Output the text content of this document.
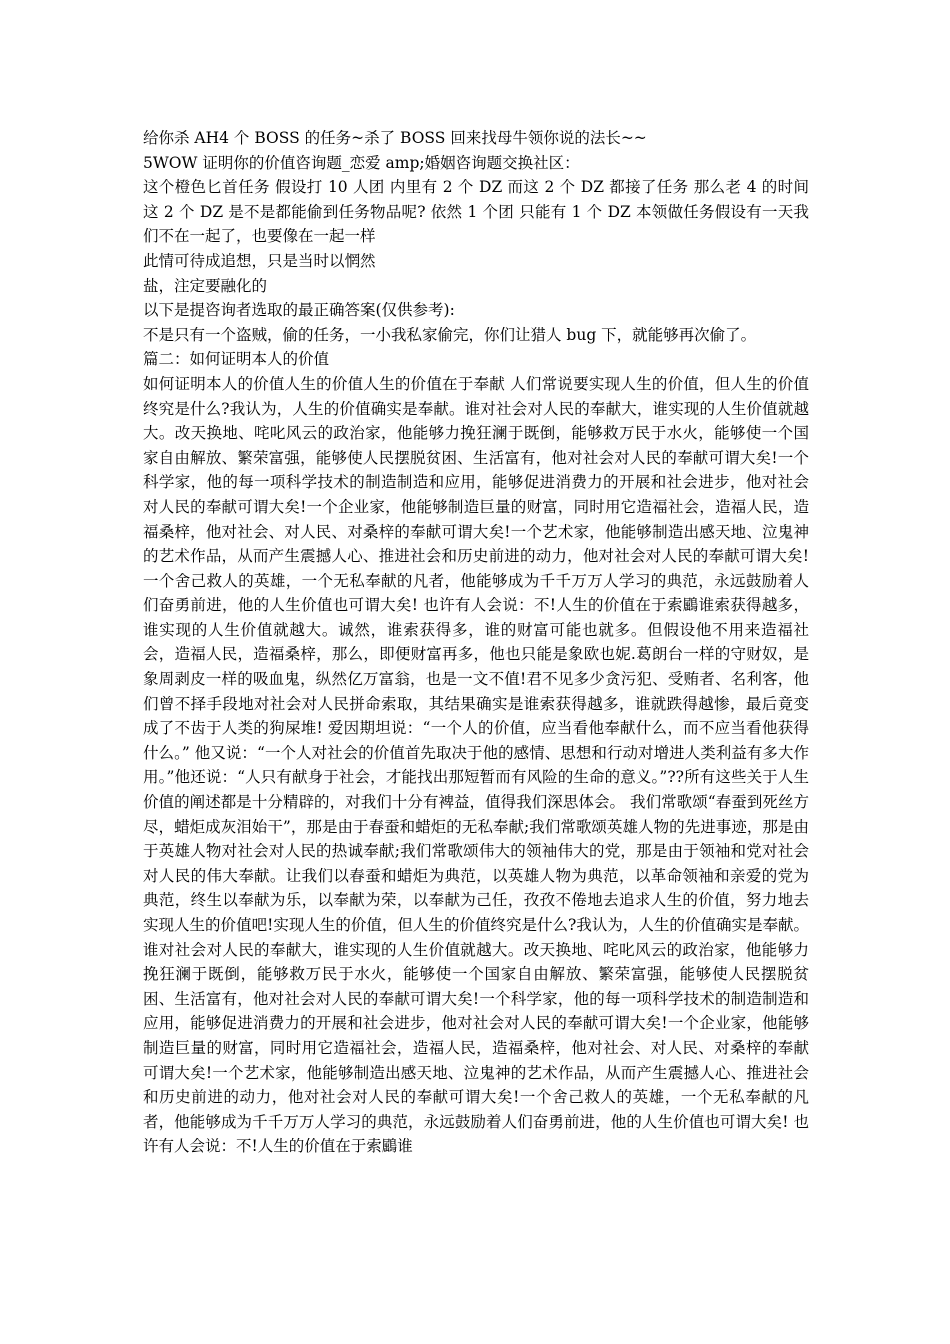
给你杀 AH4 个 BOSS 的任务~杀了 BOSS 回来找母牛领你说的法长~~

5WOW 证明你的价值咨询题_恋爱 amp;婚姻咨询题交换社区：

这个橙色匕首任务 假设打 10 人团 内里有 2 个 DZ 而这 2 个 DZ 都接了任务 那么老 4 的时间 这 2 个 DZ 是不是都能偷到任务物品呢? 依然 1 个团 只能有 1 个 DZ 本领做任务假设有一天我们不在一起了，也要像在一起一样

此情可待成追想，只是当时以惘然

盐，注定要融化的

以下是提咨询者选取的最正确答案(仅供参考):

不是只有一个盗贼，偷的任务，一小我私家偷完，你们让猎人 bug 下，就能够再次偷了。

篇二：如何证明本人的价值

如何证明本人的价值人生的价值人生的价值在于奉献 人们常说要实现人生的价值，但人生的价值终究是什么?我认为，人生的价值确实是奉献。谁对社会对人民的奉献大，谁实现的人生价值就越大。改天换地、咤叱风云的政治家，他能够力挽狂澜于既倒，能够救万民于水火，能够使一个国家自由解放、繁荣富强，能够使人民摆脱贫困、生活富有，他对社会对人民的奉献可谓大矣!一个科学家，他的每一项科学技术的制造制造和应用，能够促进消费力的开展和社会进步，他对社会对人民的奉献可谓大矣!一个企业家，他能够制造巨量的财富，同时用它造福社会，造福人民，造福桑梓，他对社会、对人民、对桑梓的奉献可谓大矣!一个艺术家，他能够制造出感天地、泣鬼神的艺术作品，从而产生震撼人心、推进社会和历史前进的动力，他对社会对人民的奉献可谓大矣!一个舍己救人的英雄，一个无私奉献的凡者，他能够成为千千万万人学习的典范，永远鼓励着人们奋勇前进，他的人生价值也可谓大矣! 也许有人会说：不!人生的价值在于索鶌谁索获得越多，谁实现的人生价值就越大。诚然，谁索获得多，谁的财富可能也就多。但假设他不用来造福社会，造福人民，造福桑梓，那么，即便财富再多，他也只能是象欧也妮.葛朗台一样的守财奴，是象周剥皮一样的吸血鬼，纵然亿万富翁，也是一文不值!君不见多少贪污犯、受贿者、名利客，他们曾不择手段地对社会对人民拼命索取，其结果确实是谁索获得越多，谁就跌得越惨，最后竟变成了不齿于人类的狗屎堆! 爱因期坦说：“一个人的价值，应当看他奉献什么，而不应当看他获得什么。” 他又说：“一个人对社会的价值首先取决于他的感情、思想和行动对增进人类利益有多大作用。”他还说：“人只有献身于社会，才能找出那短暂而有风险的生命的意义。”??所有这些关于人生价值的阐述都是十分精辟的，对我们十分有裨益，值得我们深思体会。 我们常歌颂“春蚕到死丝方尽，蜡炬成灰泪始干”，那是由于春蚕和蜡炬的无私奉献;我们常歌颂英雄人物的先进事迹，那是由于英雄人物对社会对人民的热诚奉献;我们常歌颂伟大的领袖伟大的党，那是由于领袖和党对社会对人民的伟大奉献。让我们以春蚕和蜡炬为典范，以英雄人物为典范，以革命领袖和亲爱的党为典范，终生以奉献为乐，以奉献为荣，以奉献为己任，孜孜不倦地去追求人生的价值，努力地去实现人生的价值吧!实现人生的价值，但人生的价值终究是什么?我认为，人生的价值确实是奉献。谁对社会对人民的奉献大，谁实现的人生价值就越大。改天换地、咤叱风云的政治家，他能够力挽狂澜于既倒，能够救万民于水火，能够使一个国家自由解放、繁荣富强，能够使人民摆脱贫困、生活富有，他对社会对人民的奉献可谓大矣!一个科学家，他的每一项科学技术的制造制造和应用，能够促进消费力的开展和社会进步，他对社会对人民的奉献可谓大矣!一个企业家，他能够制造巨量的财富，同时用它造福社会，造福人民，造福桑梓，他对社会、对人民、对桑梓的奉献可谓大矣!一个艺术家，他能够制造出感天地、泣鬼神的艺术作品，从而产生震撼人心、推进社会和历史前进的动力，他对社会对人民的奉献可谓大矣!一个舍己救人的英雄，一个无私奉献的凡者，他能够成为千千万万人学习的典范，永远鼓励着人们奋勇前进，他的人生价值也可谓大矣! 也许有人会说：不!人生的价值在于索鶌谁
